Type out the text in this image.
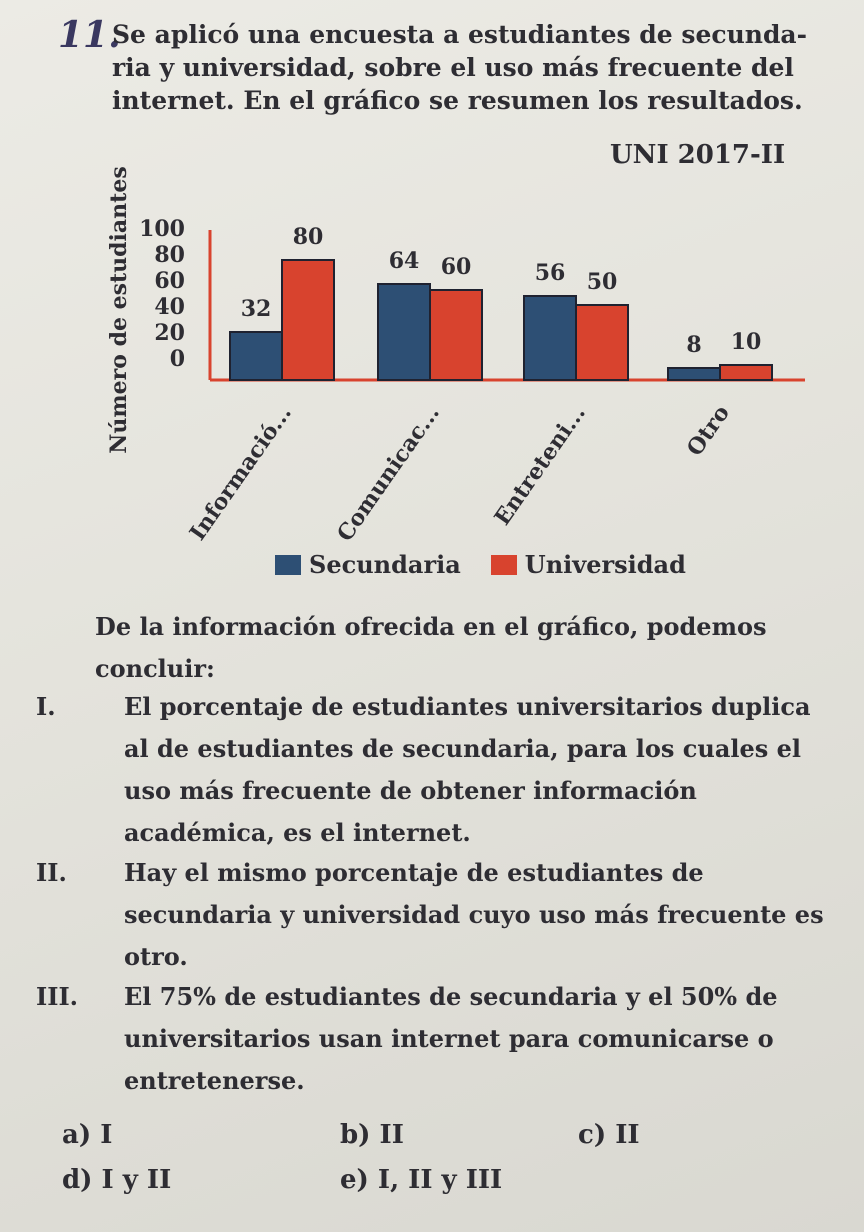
11.

Se aplicó una encuesta a estudiantes de secunda-

ria y universidad, sobre el uso más frecuente del

internet. En el gráfico se resumen los resultados.

UNI 2017-II
100
80
60
40
20
0
Número de estudiantes	32
80
Informació...
64 60
Comunicac...
56 50
Entreteni...
8 10
Otro
Secundaria	Universidad
De la información ofrecida en el gráfico, podemos concluir:
I.	El porcentaje de estudiantes universitarios duplica al de estudiantes de secundaria, para los cuales el uso más frecuente de obtener información académica, es el internet.
II. Hay el mismo porcentaje de estudiantes de secundaria y universidad cuyo uso más frecuente es otro.
III. El 75% de estudiantes de secundaria y el 50% de universitarios usan internet para comunicarse o entretenerse.
a) I	b) II	c) II
d) I y II	e) I, II y III
